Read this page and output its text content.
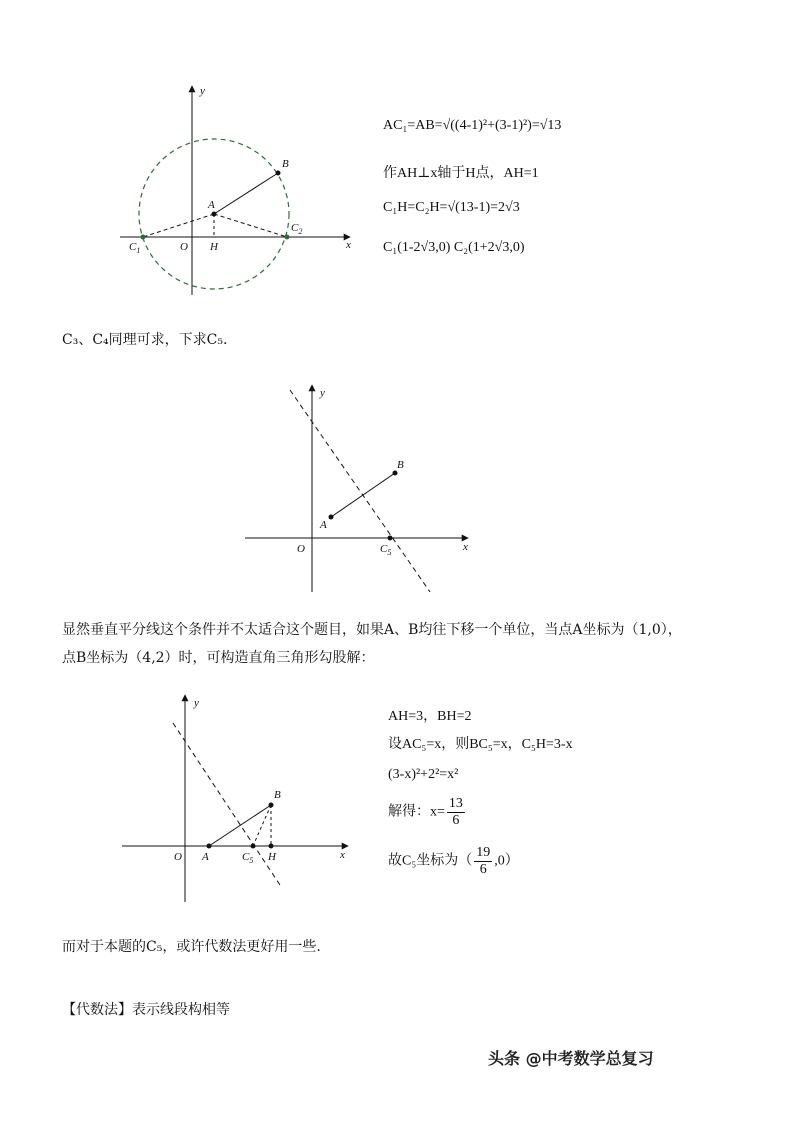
y
x
O
A
B
H
$C_1$
$C_2$
AC₁=AB=√((4-1)²+(3-1)²)=√13
作AH⊥x轴于H点，AH=1
C₁H=C₂H=√(13-1)=2√3
C₁(1-2√3,0) C₂(1+2√3,0)
C₃、C₄同理可求，下求C₅.
y
x
O
A
B
$C_5$
显然垂直平分线这个条件并不太适合这个题目，如果A、B均往下移一个单位，当点A坐标为（1,0），点B坐标为（4,2）时，可构造直角三角形勾股解：
y
x
O A
B
H
$C_5$
AH=3，BH=2
设AC₅=x，则BC₅=x，C₅H=3-x
(3-x)²+2²=x²
解得：$x= \frac{13}{6}$
故C₅坐标为（ $\frac{19}{6} ,0$）
而对于本题的C₅，或许代数法更好用一些.
【代数法】表示线段构相等
头条 @中考数学总复习
